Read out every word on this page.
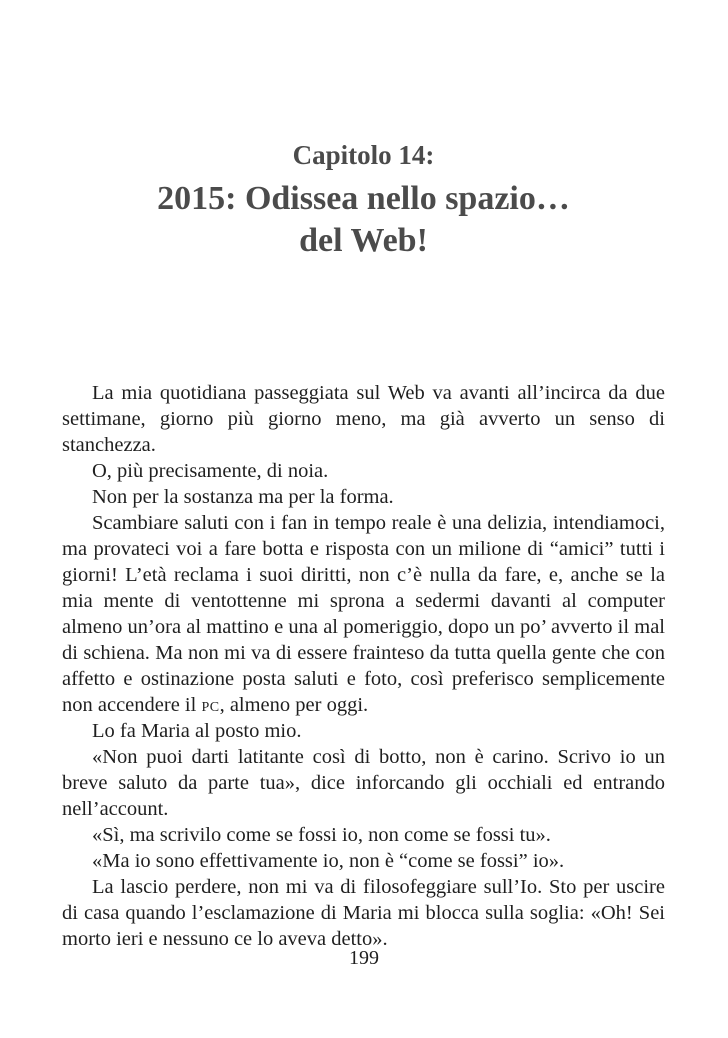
Capitolo 14:
2015: Odissea nello spazio…
del Web!

La mia quotidiana passeggiata sul Web va avanti all’incirca da due settimane, giorno più giorno meno, ma già avverto un senso di stanchezza.

O, più precisamente, di noia.

Non per la sostanza ma per la forma.

Scambiare saluti con i fan in tempo reale è una delizia, intendiamoci, ma provateci voi a fare botta e risposta con un milione di “amici” tutti i giorni! L’età reclama i suoi diritti, non c’è nulla da fare, e, anche se la mia mente di ventottenne mi sprona a sedermi davanti al computer almeno un’ora al mattino e una al pomeriggio, dopo un po’ avverto il mal di schiena. Ma non mi va di essere frainteso da tutta quella gente che con affetto e ostinazione posta saluti e foto, così preferisco semplicemente non accendere il pc, almeno per oggi.

Lo fa Maria al posto mio.

«Non puoi darti latitante così di botto, non è carino. Scrivo io un breve saluto da parte tua», dice inforcando gli occhiali ed entrando nell’account.

«Sì, ma scrivilo come se fossi io, non come se fossi tu».

«Ma io sono effettivamente io, non è “come se fossi” io».

La lascio perdere, non mi va di filosofeggiare sull’Io. Sto per uscire di casa quando l’esclamazione di Maria mi blocca sulla soglia: «Oh! Sei morto ieri e nessuno ce lo aveva detto».

199
